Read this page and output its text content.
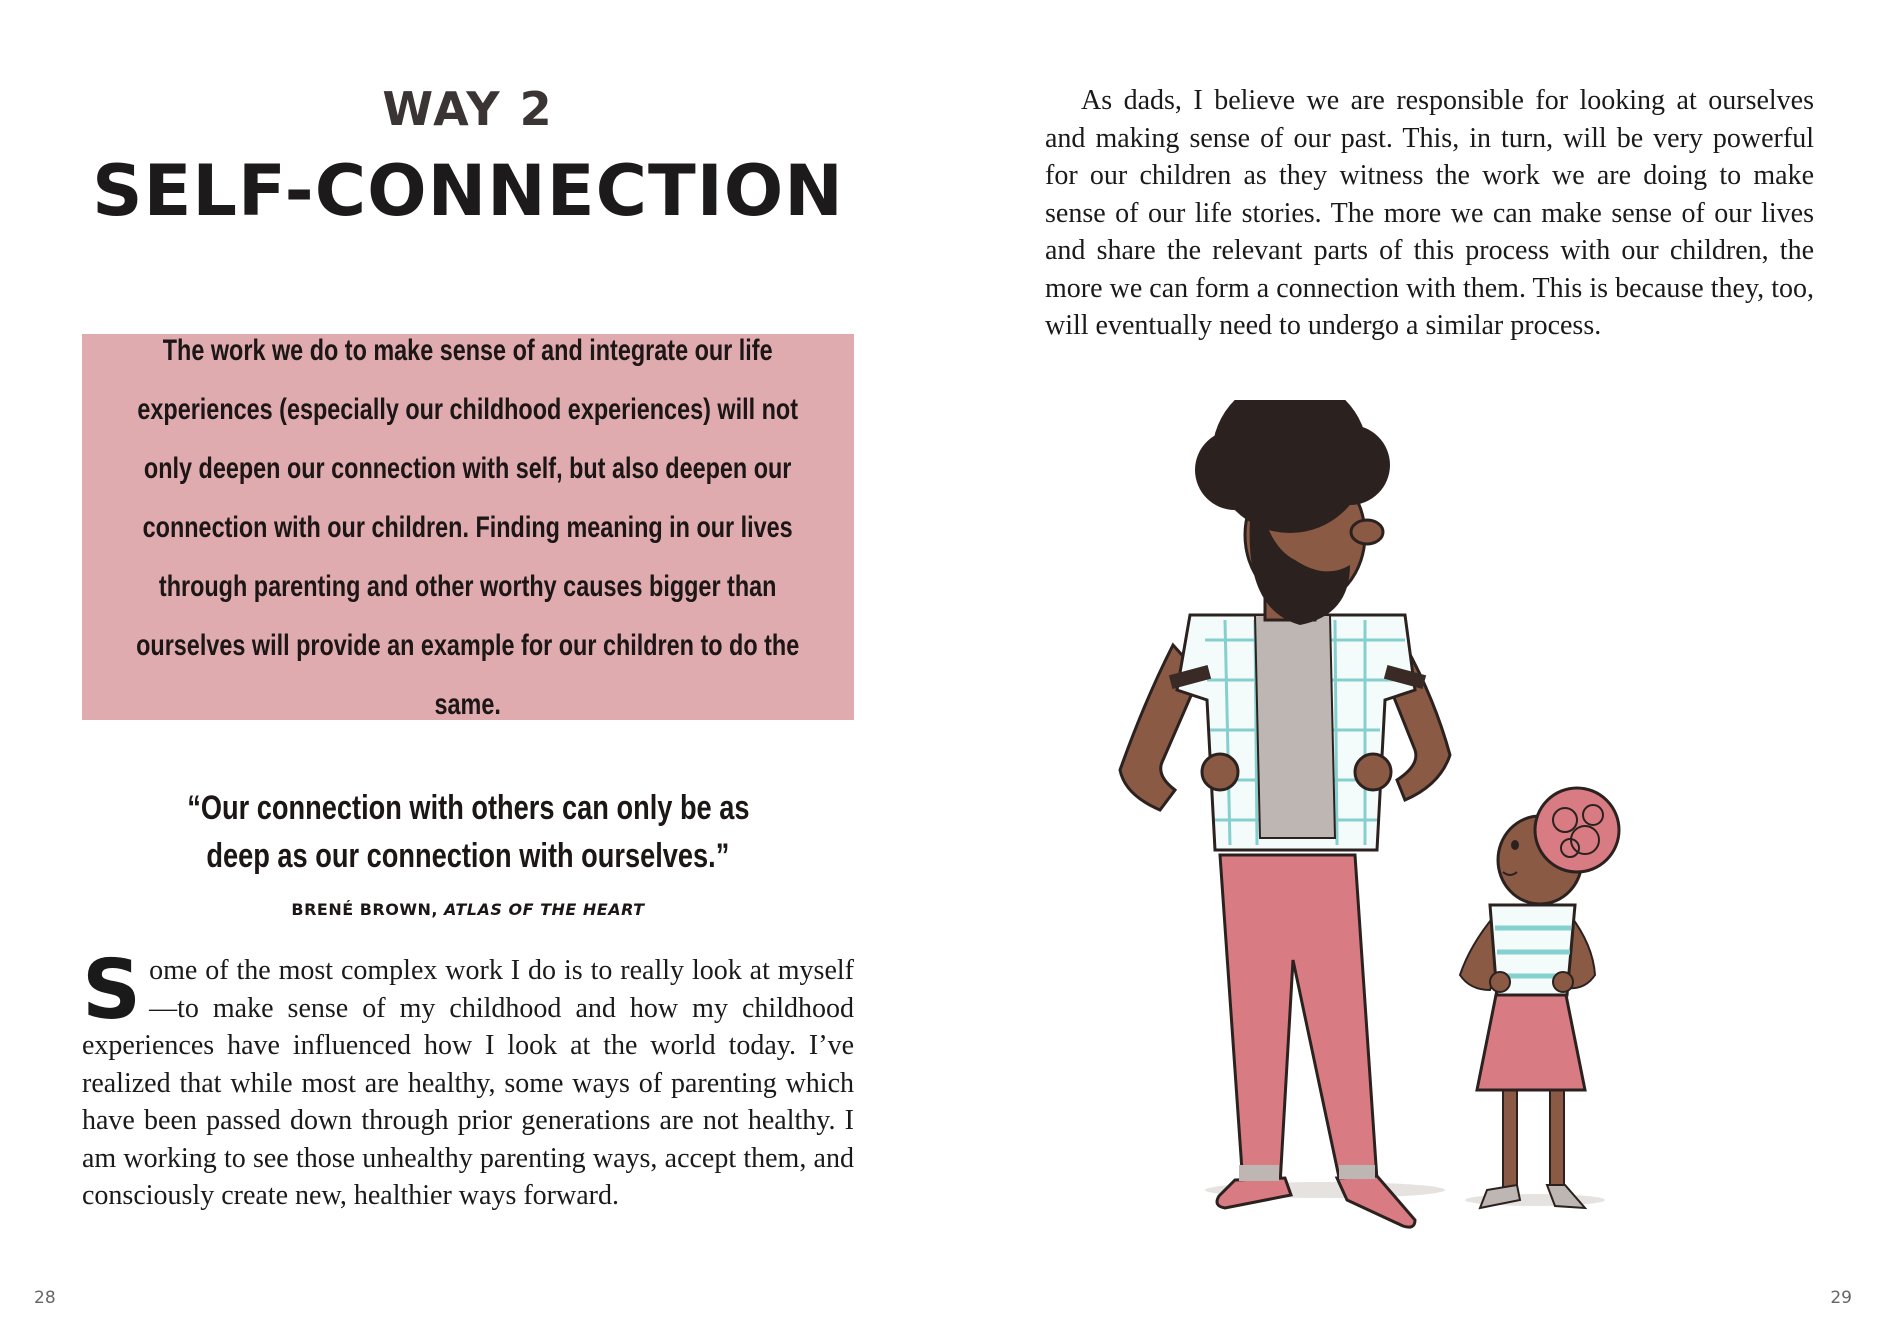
WAY 2
SELF-CONNECTION

The work we do to make sense of and integrate our life experiences (especially our childhood experiences) will not only deepen our connection with self, but also deepen our connection with our children. Finding meaning in our lives through parenting and other worthy causes bigger than ourselves will provide an example for our children to do the same.

“Our connection with others can only be as
deep as our connection with ourselves.”
BRENÉ BROWN, ATLAS OF THE HEART

Some of the most complex work I do is to really look at myself—to make sense of my childhood and how my childhood experiences have influenced how I look at the world today. I’ve realized that while most are healthy, some ways of parenting which have been passed down through prior generations are not healthy. I am working to see those unhealthy parenting ways, accept them, and consciously create new, healthier ways forward.

28

As dads, I believe we are responsible for looking at ourselves and making sense of our past. This, in turn, will be very powerful for our children as they witness the work we are doing to make sense of our life stories. The more we can make sense of our lives and share the relevant parts of this process with our children, the more we can form a connection with them. This is because they, too, will eventually need to undergo a similar process.

29
